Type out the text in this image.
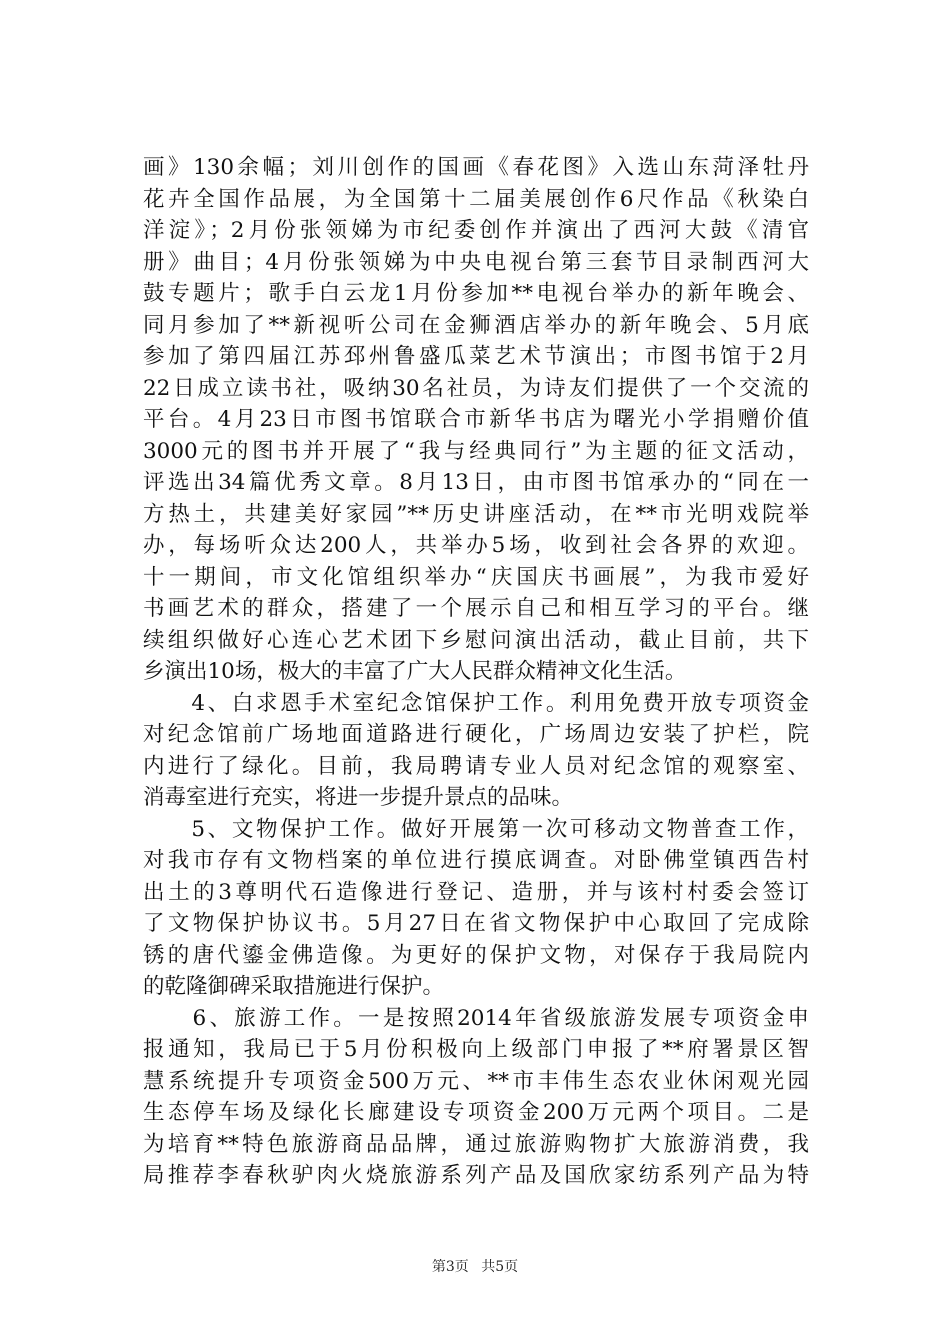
画》130余幅；刘川创作的国画《春花图》入选山东菏泽牡丹
花卉全国作品展，为全国第十二届美展创作6尺作品《秋染白
洋淀》；2月份张领娣为市纪委创作并演出了西河大鼓《清官
册》曲目；4月份张领娣为中央电视台第三套节目录制西河大
鼓专题片；歌手白云龙1月份参加**电视台举办的新年晚会、
同月参加了**新视听公司在金狮酒店举办的新年晚会、5月底
参加了第四届江苏邳州鲁盛瓜菜艺术节演出；市图书馆于2月
22日成立读书社，吸纳30名社员，为诗友们提供了一个交流的
平台。4月23日市图书馆联合市新华书店为曙光小学捐赠价值
3000元的图书并开展了“我与经典同行”为主题的征文活动，
评选出34篇优秀文章。8月13日，由市图书馆承办的“同在一
方热土，共建美好家园”**历史讲座活动，在**市光明戏院举
办，每场听众达200人，共举办5场，收到社会各界的欢迎。
十一期间，市文化馆组织举办“庆国庆书画展”，为我市爱好
书画艺术的群众，搭建了一个展示自己和相互学习的平台。继
续组织做好心连心艺术团下乡慰问演出活动，截止目前，共下
乡演出10场，极大的丰富了广大人民群众精神文化生活。
　　4、白求恩手术室纪念馆保护工作。利用免费开放专项资金
对纪念馆前广场地面道路进行硬化，广场周边安装了护栏，院
内进行了绿化。目前，我局聘请专业人员对纪念馆的观察室、
消毒室进行充实，将进一步提升景点的品味。
　　5、文物保护工作。做好开展第一次可移动文物普查工作，
对我市存有文物档案的单位进行摸底调查。对卧佛堂镇西告村
出土的3尊明代石造像进行登记、造册，并与该村村委会签订
了文物保护协议书。5月27日在省文物保护中心取回了完成除
锈的唐代鎏金佛造像。为更好的保护文物，对保存于我局院内
的乾隆御碑采取措施进行保护。
　　6、旅游工作。一是按照2014年省级旅游发展专项资金申
报通知，我局已于5月份积极向上级部门申报了**府署景区智
慧系统提升专项资金500万元、**市丰伟生态农业休闲观光园
生态停车场及绿化长廊建设专项资金200万元两个项目。二是
为培育**特色旅游商品品牌，通过旅游购物扩大旅游消费，我
局推荐李春秋驴肉火烧旅游系列产品及国欣家纺系列产品为特
第3页 共5页
